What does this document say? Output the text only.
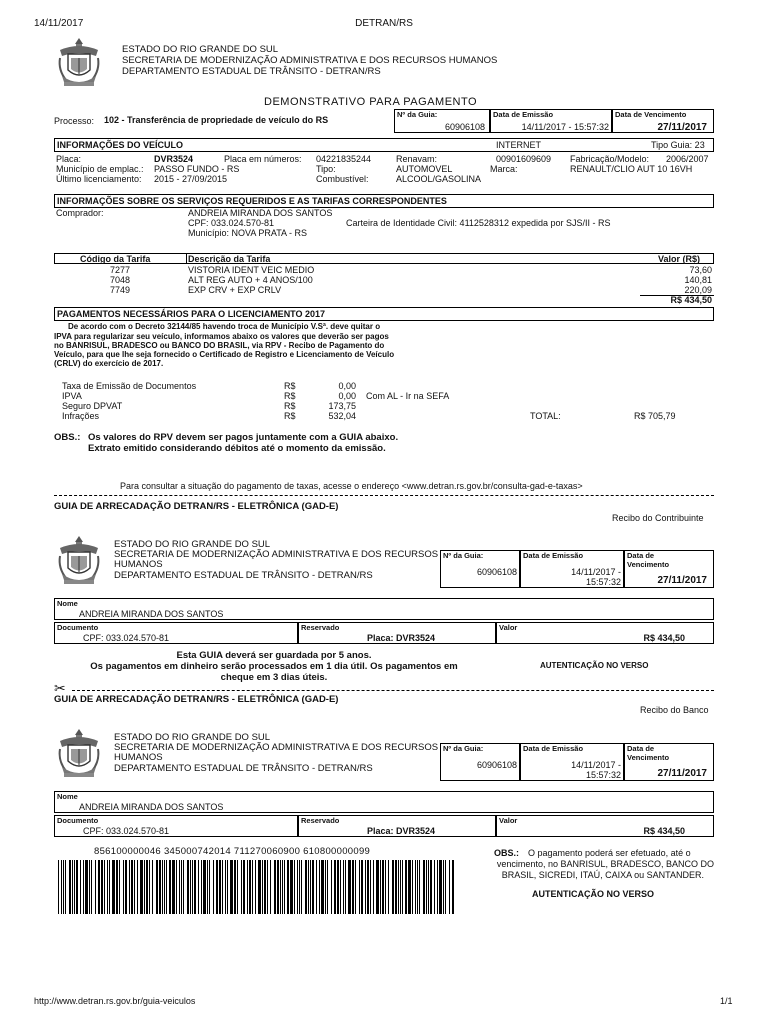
14/11/2017	DETRAN/RS
http://www.detran.rs.gov.br/guia-veiculos	1/1
ESTADO DO RIO GRANDE DO SUL
SECRETARIA DE MODERNIZAÇÃO ADMINISTRATIVA E DOS RECURSOS HUMANOS
DEPARTAMENTO ESTADUAL DE TRÂNSITO - DETRAN/RS
DEMONSTRATIVO PARA PAGAMENTO
Processo: 102 - Transferência de propriedade de veículo do RS
Nº da Guia:
60906108
Data de Emissão
14/11/2017 - 15:57:32
Data de Vencimento
27/11/2017
INFORMAÇÕES DO VEÍCULO	INTERNET	Tipo Guia: 23
Placa:	DVR3524	Placa em números: 04221835244	Renavam:	00901609609 Fabricação/Modelo: 2006/2007
Município de emplac.: PASSO FUNDO - RS	Tipo:	AUTOMOVEL	Marca:	RENAULT/CLIO AUT 10 16VH
Último licenciamento: 2015 - 27/09/2015	Combustível:	ALCOOL/GASOLINA
INFORMAÇÕES SOBRE OS SERVIÇOS REQUERIDOS E AS TARIFAS CORRESPONDENTES
Comprador:	ANDREIA MIRANDA DOS SANTOS
CPF: 033.024.570-81	Carteira de Identidade Civil: 4112528312 expedida por SJS/II - RS
Município: NOVA PRATA - RS
Código da Tarifa	Descrição da Tarifa	Valor (R$)
7277	VISTORIA IDENT VEIC MEDIO	73,60
7048	ALT REG AUTO + 4 ANOS/100	140,81
7749	EXP CRV + EXP CRLV	220,09
R$ 434,50
PAGAMENTOS NECESSÁRIOS PARA O LICENCIAMENTO 2017
De acordo com o Decreto 32144/85 havendo troca de Município V.Sª. deve quitar o
IPVA para regularizar seu veículo, informamos abaixo os valores que deverão ser pagos
no BANRISUL, BRADESCO ou BANCO DO BRASIL, via RPV - Recibo de Pagamento do
Veículo, para que lhe seja fornecido o Certificado de Registro e Licenciamento de Veículo
(CRLV) do exercício de 2017.
Taxa de Emissão de Documentos	R$	0,00
IPVA	R$	0,00 Com AL - Ir na SEFA
Seguro DPVAT	R$	173,75
Infrações	R$	532,04	TOTAL:	R$ 705,79
OBS.: Os valores do RPV devem ser pagos juntamente com a GUIA abaixo.
Extrato emitido considerando débitos até o momento da emissão.
Para consultar a situação do pagamento de taxas, acesse o endereço <www.detran.rs.gov.br/consulta-gad-e-taxas>
GUIA DE ARRECADAÇÃO DETRAN/RS - ELETRÔNICA (GAD-E)
Recibo do Contribuinte
ESTADO DO RIO GRANDE DO SUL
SECRETARIA DE MODERNIZAÇÃO ADMINISTRATIVA E DOS RECURSOS
HUMANOS
DEPARTAMENTO ESTADUAL DE TRÂNSITO - DETRAN/RS
Nº da Guia:
60906108
Data de Emissão
14/11/2017 -
15:57:32
Data de
Vencimento
27/11/2017
Nome
ANDREIA MIRANDA DOS SANTOS
Documento
CPF: 033.024.570-81
Reservado
Placa: DVR3524
Valor
R$ 434,50
Esta GUIA deverá ser guardada por 5 anos.
Os pagamentos em dinheiro serão processados em 1 dia útil. Os pagamentos em
cheque em 3 dias úteis.
AUTENTICAÇÃO NO VERSO
✂
GUIA DE ARRECADAÇÃO DETRAN/RS - ELETRÔNICA (GAD-E)
Recibo do Banco
ESTADO DO RIO GRANDE DO SUL
SECRETARIA DE MODERNIZAÇÃO ADMINISTRATIVA E DOS RECURSOS
HUMANOS
DEPARTAMENTO ESTADUAL DE TRÂNSITO - DETRAN/RS
Nº da Guia:
60906108
Data de Emissão
14/11/2017 -
15:57:32
Data de
Vencimento
27/11/2017
Nome
ANDREIA MIRANDA DOS SANTOS
Documento
CPF: 033.024.570-81
Reservado
Placa: DVR3524
Valor
R$ 434,50
856100000046 345000742014 711270060900 610800000099	OBS.: O pagamento poderá ser efetuado, até o
vencimento, no BANRISUL, BRADESCO, BANCO DO
BRASIL, SICREDI, ITAÚ, CAIXA ou SANTANDER.
AUTENTICAÇÃO NO VERSO
